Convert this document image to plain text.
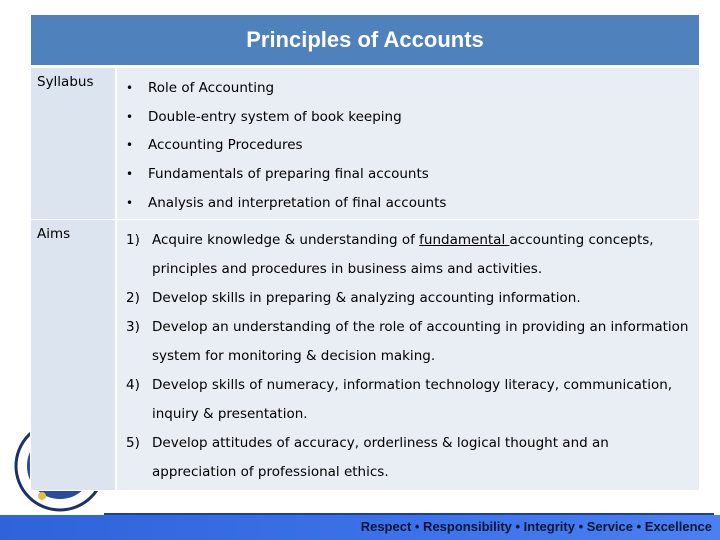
Principles of Accounts
Syllabus	•	Role of Accounting
•	Double-entry system of book keeping
•	Accounting Procedures
•	Fundamentals of preparing final accounts
•	Analysis and interpretation of final accounts
Aims	1) Acquire knowledge & understanding of fundamental accounting concepts, principles and procedures in business aims and activities.
2) Develop skills in preparing & analyzing accounting information.
3) Develop an understanding of the role of accounting in providing an information system for monitoring & decision making.
4) Develop skills of numeracy, information technology literacy, communication, inquiry & presentation.
5) Develop attitudes of accuracy, orderliness & logical thought and an appreciation of professional ethics.
A SCHOOL OF HIGH STANDARDS, QUALITY LEARNING & HOLISTIC DEVELOPMENT
Respect • Responsibility • Integrity • Service • Excellence
